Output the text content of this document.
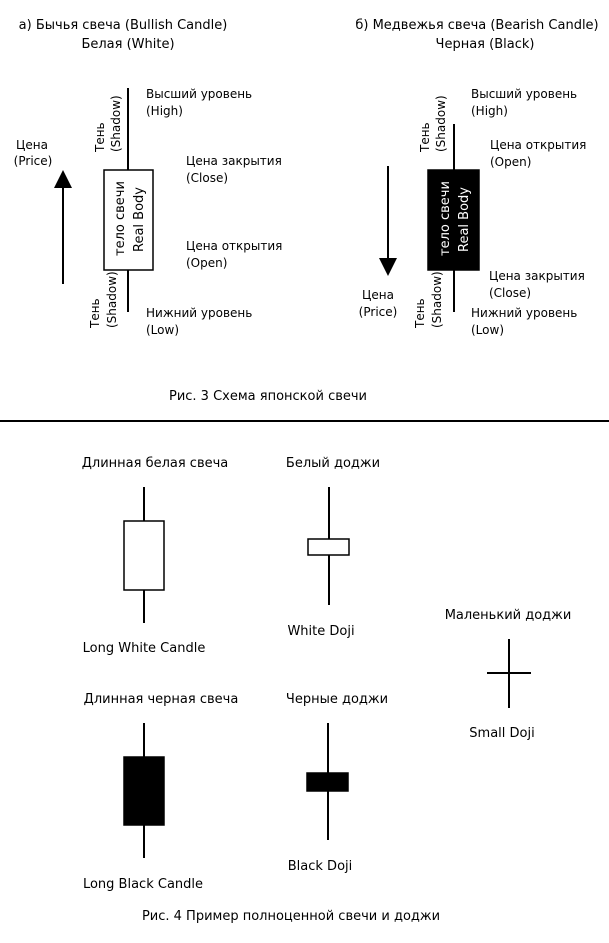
а) Бычья свеча (Bullish Candle)
Белая (White)
Цена
(Price)
тело свечи Real Body
Тень (Shadow)
Тень (Shadow)
Высший уровень
(High)
Цена закрытия
(Close)
Цена открытия
(Open)
Нижний уровень
(Low)
б) Медвежья свеча (Bearish Candle)
Черная (Black)
Цена
(Price)
тело свечи Real Body
Тень (Shadow)
Тень (Shadow)
Высший уровень
(High)
Цена открытия
(Open)
Цена закрытия
(Close)
Нижний уровень
(Low)
Рис. 3 Схема японской свечи
Длинная белая свеча
Long White Candle
Белый доджи
White Doji
Маленький доджи
Small Doji
Длинная черная свеча
Long Black Candle
Черные доджи
Black Doji
Рис. 4 Пример полноценной свечи и доджи
